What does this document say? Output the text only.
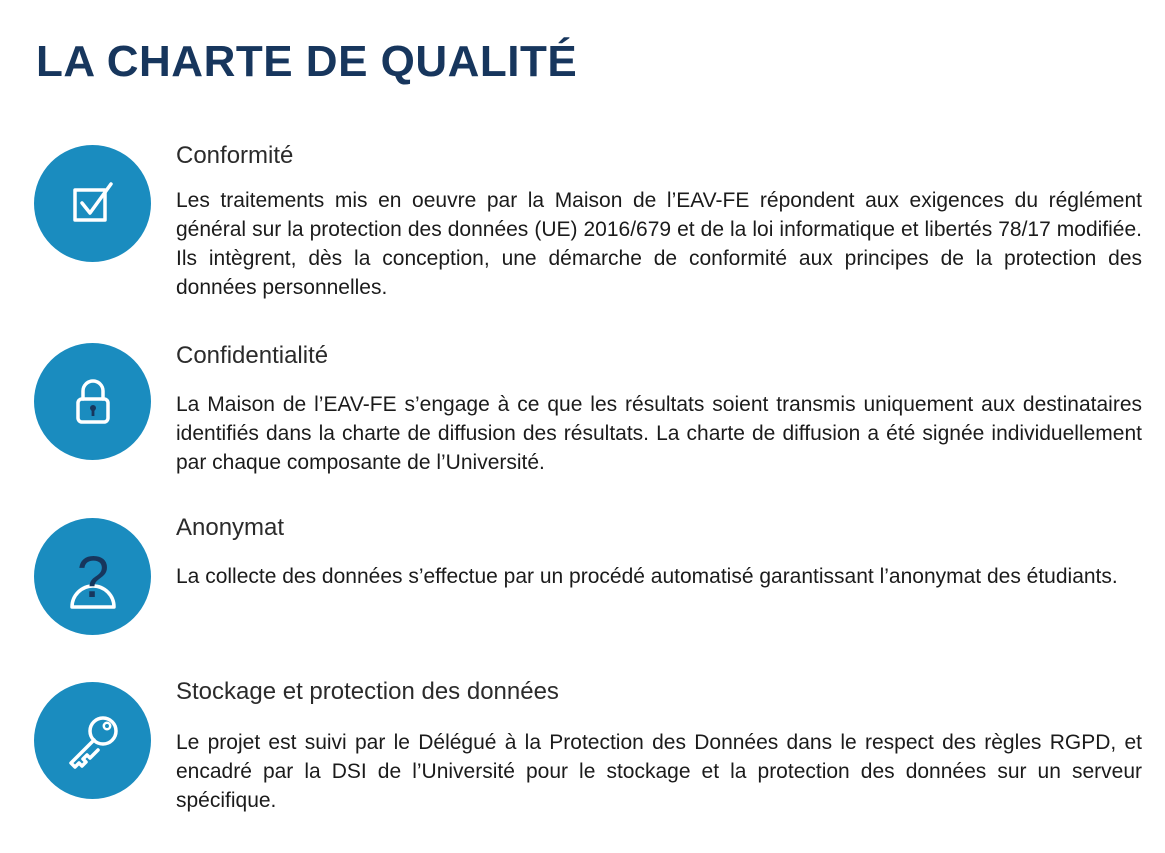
LA CHARTE DE QUALITÉ
Conformité

Les traitements mis en oeuvre par la Maison de l’EAV-FE répondent aux exigences du réglément général sur la protection des données (UE) 2016/679 et de la loi informatique et libertés 78/17 modifiée. Ils intègrent, dès la conception, une démarche de conformité aux principes de la protection des données personnelles.

Confidentialité

La Maison de l’EAV-FE s’engage à ce que les résultats soient transmis uniquement aux destinataires identifiés dans la charte de diffusion des résultats. La charte de diffusion a été signée individuellement par chaque composante de l’Université.

?
Anonymat

La collecte des données s’effectue par un procédé automatisé garantissant l’anonymat des étudiants.

Stockage et protection des données

Le projet est suivi par le Délégué à la Protection des Données dans le respect des règles RGPD, et encadré par la DSI de l’Université pour le stockage et la protection des données sur un serveur spécifique.
